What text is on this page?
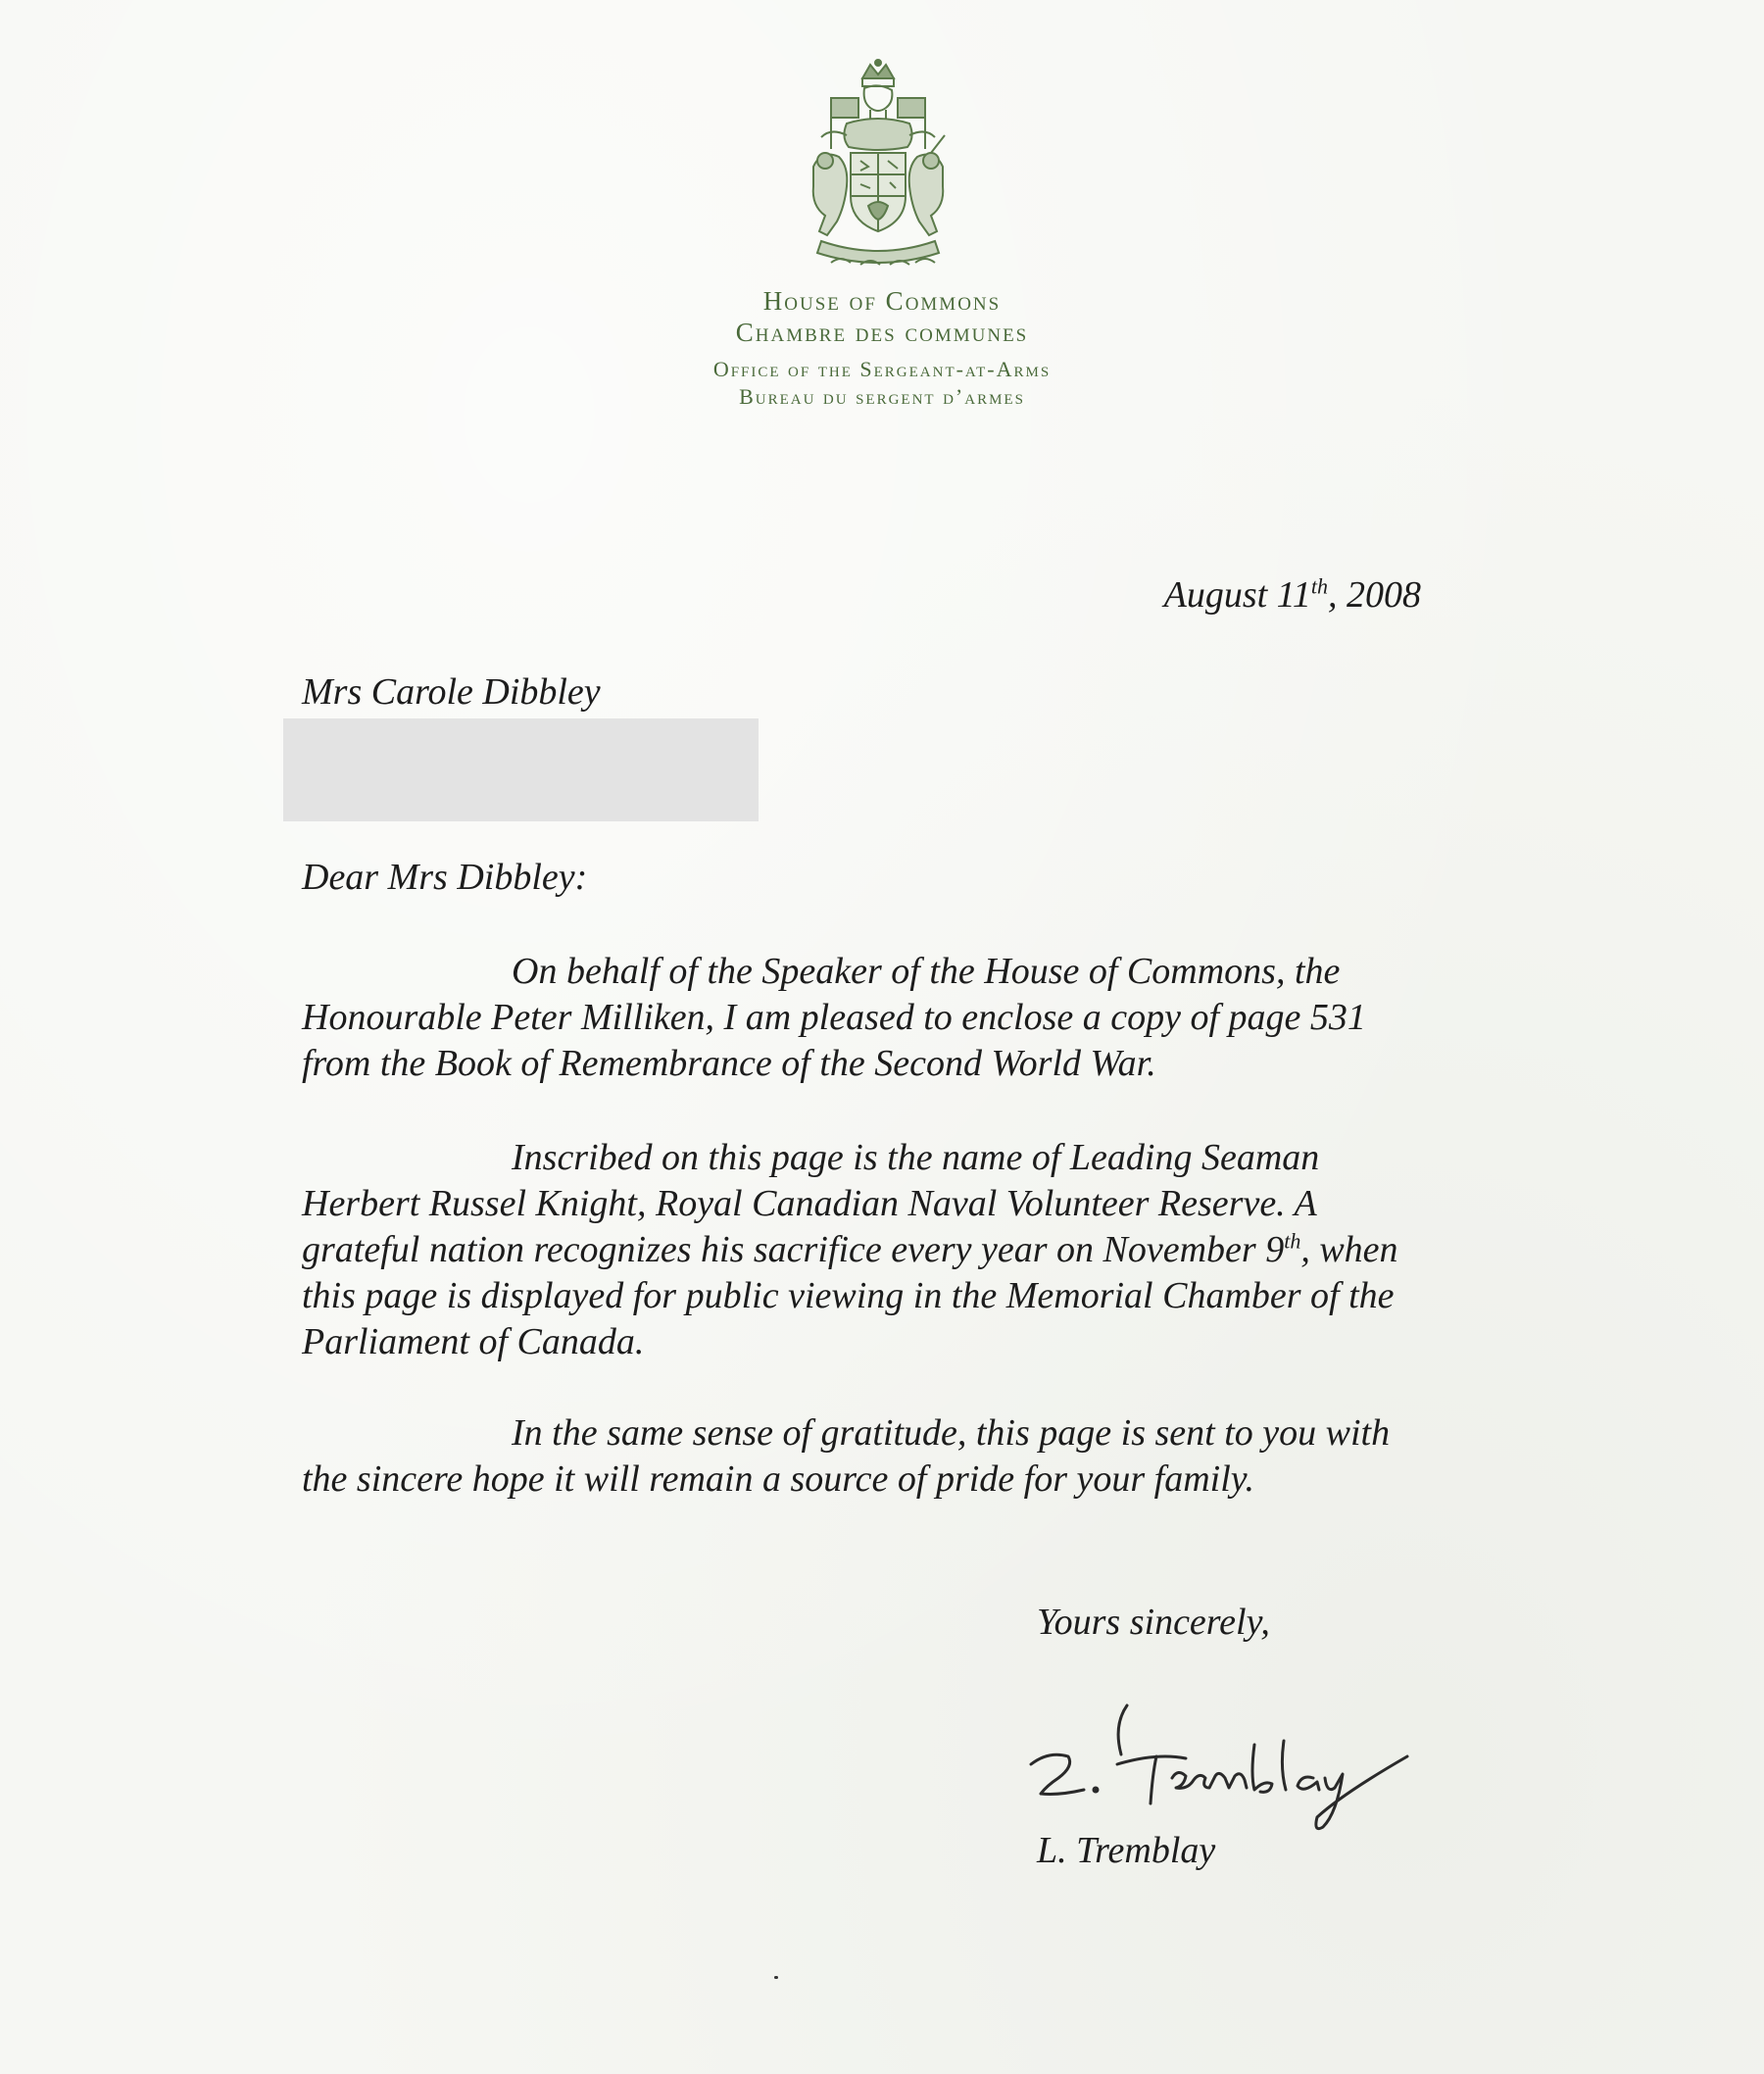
House of Commons
Chambre des communes
Office of the Sergeant-at-Arms
Bureau du sergent d’armes
August 11th, 2008
Mrs Carole Dibbley
Dear Mrs Dibbley:
On behalf of the Speaker of the House of Commons, the Honourable Peter Milliken, I am pleased to enclose a copy of page 531 from the Book of Remembrance of the Second World War.
Inscribed on this page is the name of Leading Seaman Herbert Russel Knight, Royal Canadian Naval Volunteer Reserve. A grateful nation recognizes his sacrifice every year on November 9th, when this page is displayed for public viewing in the Memorial Chamber of the Parliament of Canada.
In the same sense of gratitude, this page is sent to you with the sincere hope it will remain a source of pride for your family.
Yours sincerely,
L. Tremblay
